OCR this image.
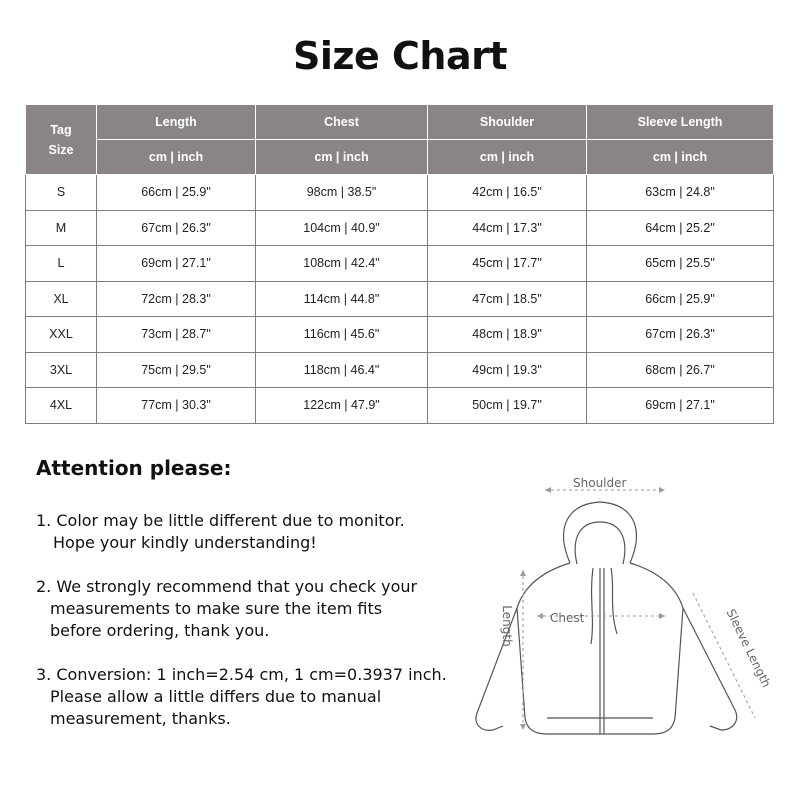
Size Chart
Tag
Size	Length	Chest	Shoulder	Sleeve Length
	cm | inch	cm | inch	cm | inch	cm | inch
S	66cm | 25.9"	98cm | 38.5"	42cm | 16.5"	63cm | 24.8"
M	67cm | 26.3"	104cm | 40.9"	44cm | 17.3"	64cm | 25.2"
L	69cm | 27.1"	108cm | 42.4"	45cm | 17.7"	65cm | 25.5"
XL	72cm | 28.3"	114cm | 44.8"	47cm | 18.5"	66cm | 25.9"
XXL	73cm | 28.7"	116cm | 45.6"	48cm | 18.9"	67cm | 26.3"
3XL	75cm | 29.5"	118cm | 46.4"	49cm | 19.3"	68cm | 26.7"
4XL	77cm | 30.3"	122cm | 47.9"	50cm | 19.7"	69cm | 27.1"
Attention please:
1. Color may be little different due to monitor.
Hope your kindly understanding!
2. We strongly recommend that you check your
measurements to make sure the item fits
before ordering, thank you.
3. Conversion: 1 inch=2.54 cm, 1 cm=0.3937 inch.
Please allow a little differs due to manual
measurement, thanks.
Shoulder
Length	Chest	Sleeve Length
